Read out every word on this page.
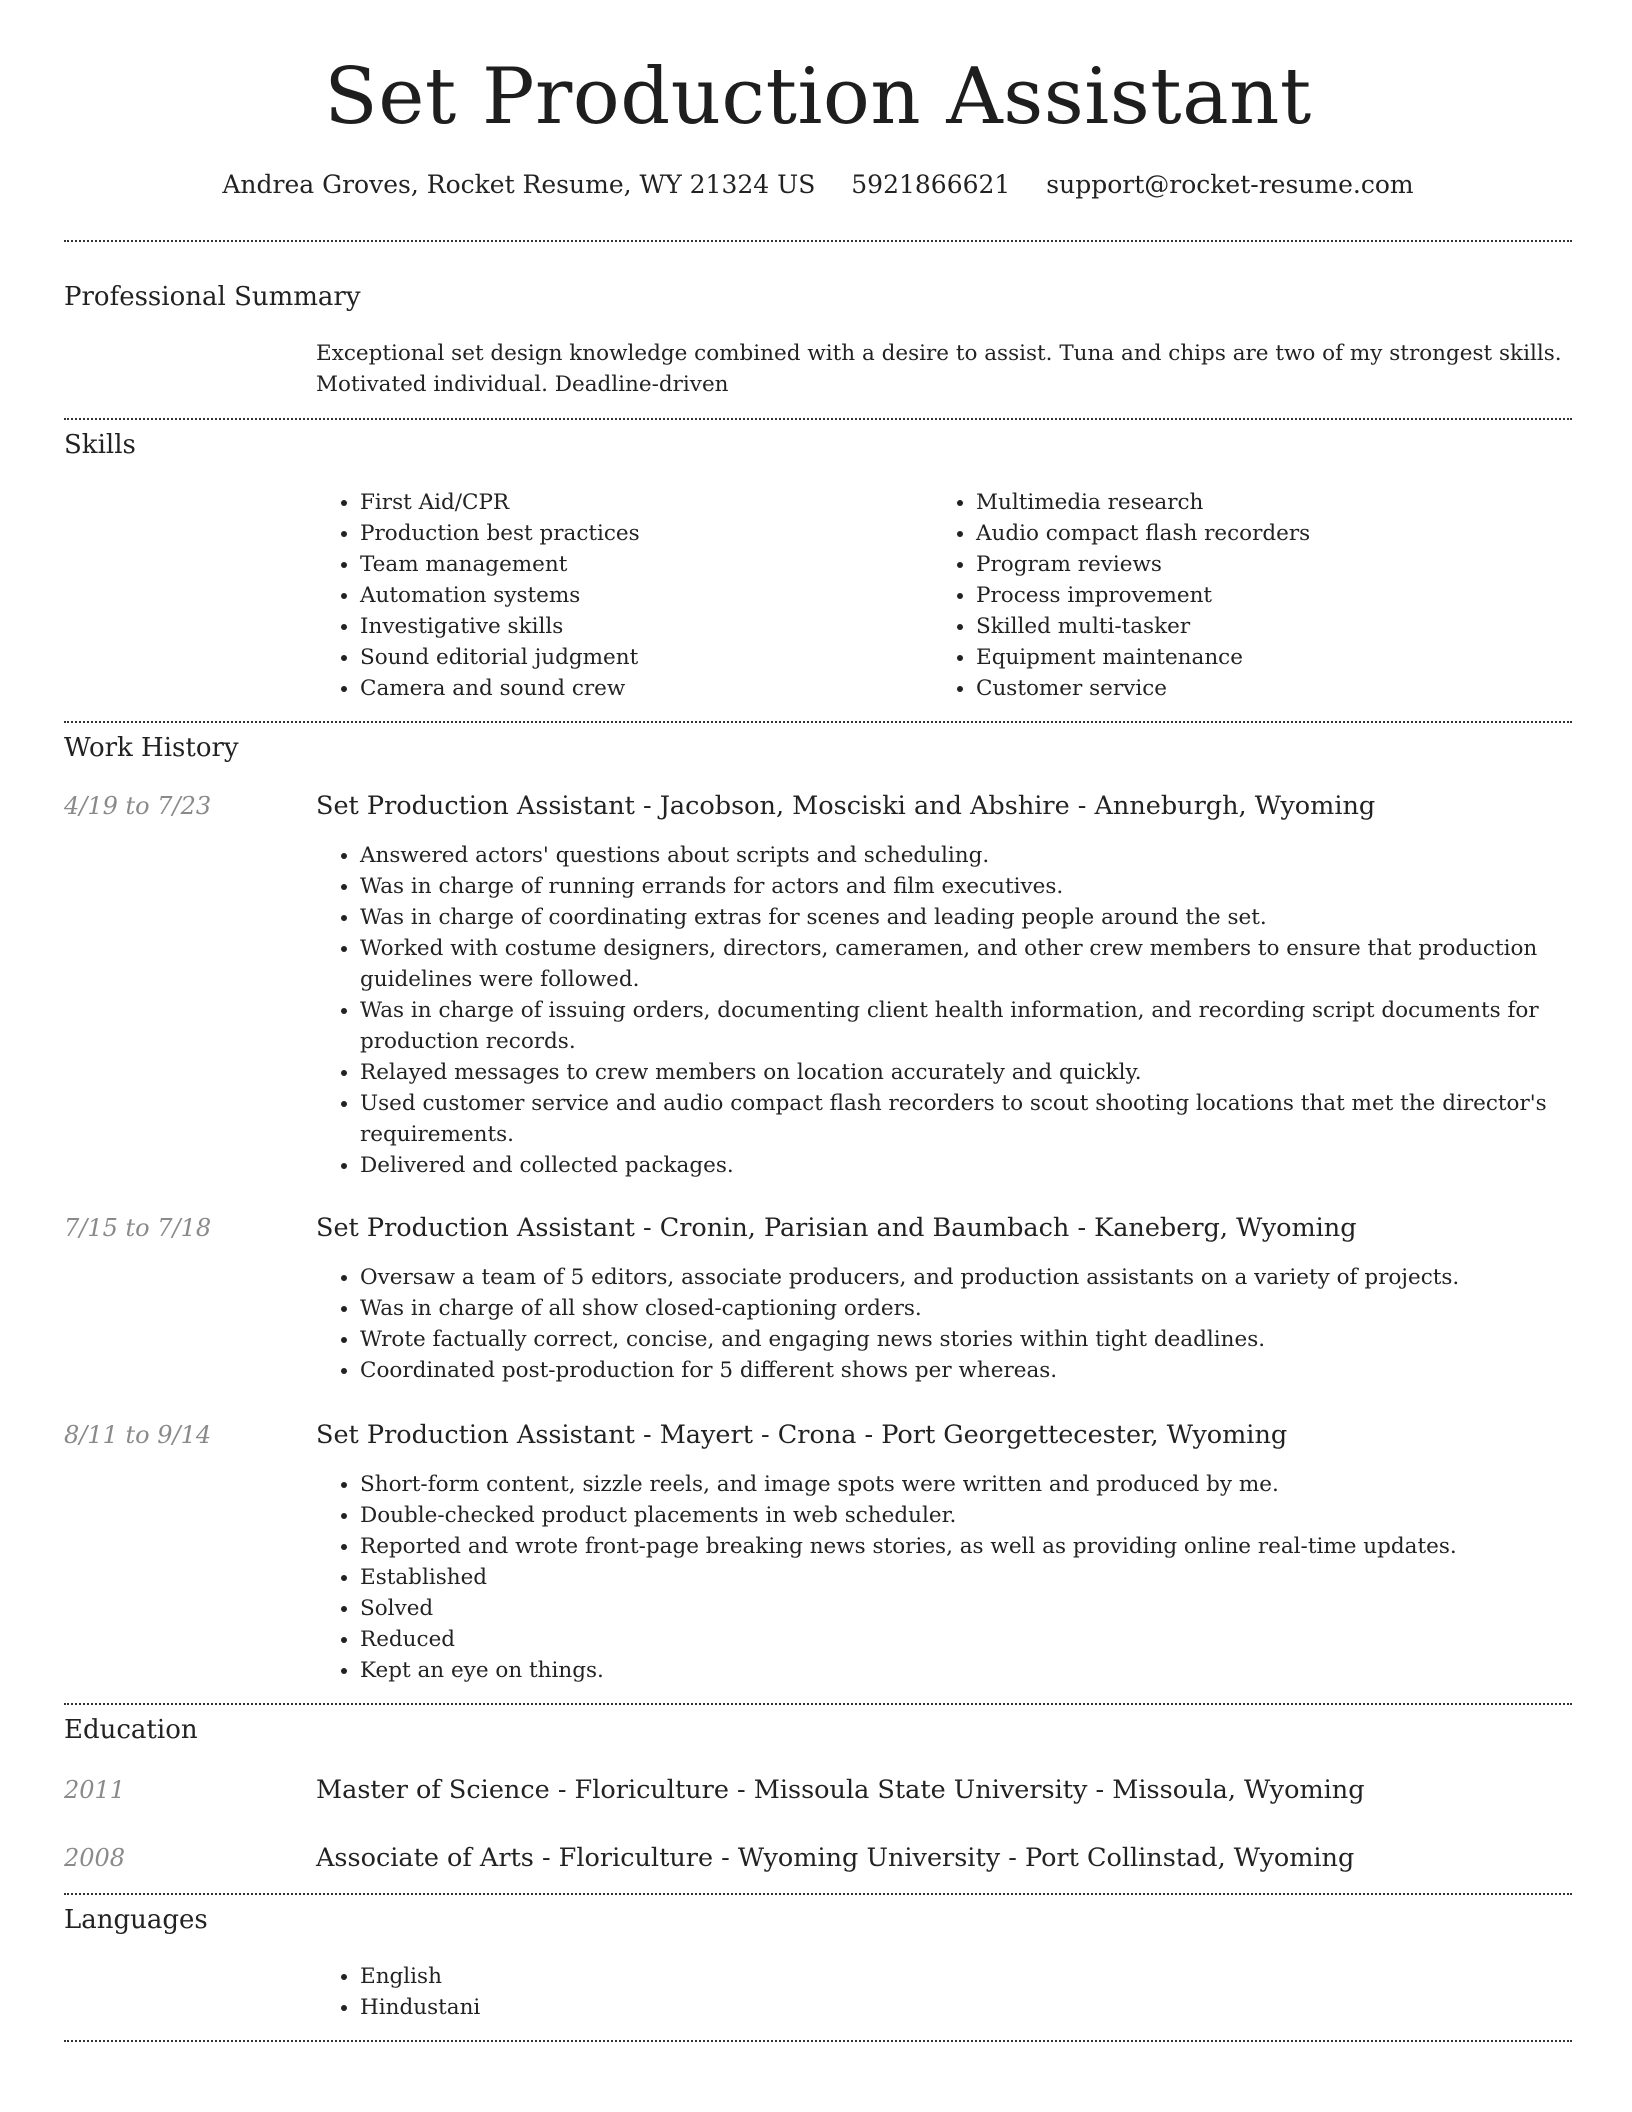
Set Production Assistant
Andrea Groves, Rocket Resume, WY 21324 US 5921866621 support@rocket-resume.com
Professional Summary

Exceptional set design knowledge combined with a desire to assist. Tuna and chips are two of my strongest skills. Motivated individual. Deadline-driven

Skills
• First Aid/CPR
• Production best practices
• Team management
• Automation systems
• Investigative skills
• Sound editorial judgment
• Camera and sound crew
• Multimedia research
• Audio compact flash recorders
• Program reviews
• Process improvement
• Skilled multi-tasker
• Equipment maintenance
• Customer service
Work History
4/19 to 7/23	Set Production Assistant - Jacobson, Mosciski and Abshire - Anneburgh, Wyoming
• Answered actors' questions about scripts and scheduling.
• Was in charge of running errands for actors and film executives.
• Was in charge of coordinating extras for scenes and leading people around the set.
• Worked with costume designers, directors, cameramen, and other crew members to ensure that production guidelines were followed.
• Was in charge of issuing orders, documenting client health information, and recording script documents for production records.
• Relayed messages to crew members on location accurately and quickly.
• Used customer service and audio compact flash recorders to scout shooting locations that met the director's requirements.
• Delivered and collected packages.
7/15 to 7/18	Set Production Assistant - Cronin, Parisian and Baumbach - Kaneberg, Wyoming
• Oversaw a team of 5 editors, associate producers, and production assistants on a variety of projects.
• Was in charge of all show closed-captioning orders.
• Wrote factually correct, concise, and engaging news stories within tight deadlines.
• Coordinated post-production for 5 different shows per whereas.
8/11 to 9/14	Set Production Assistant - Mayert - Crona - Port Georgettecester, Wyoming
• Short-form content, sizzle reels, and image spots were written and produced by me.
• Double-checked product placements in web scheduler.
• Reported and wrote front-page breaking news stories, as well as providing online real-time updates.
• Established
• Solved
• Reduced
• Kept an eye on things.
Education
2011	Master of Science - Floriculture - Missoula State University - Missoula, Wyoming
2008	Associate of Arts - Floriculture - Wyoming University - Port Collinstad, Wyoming
Languages
• English
• Hindustani
